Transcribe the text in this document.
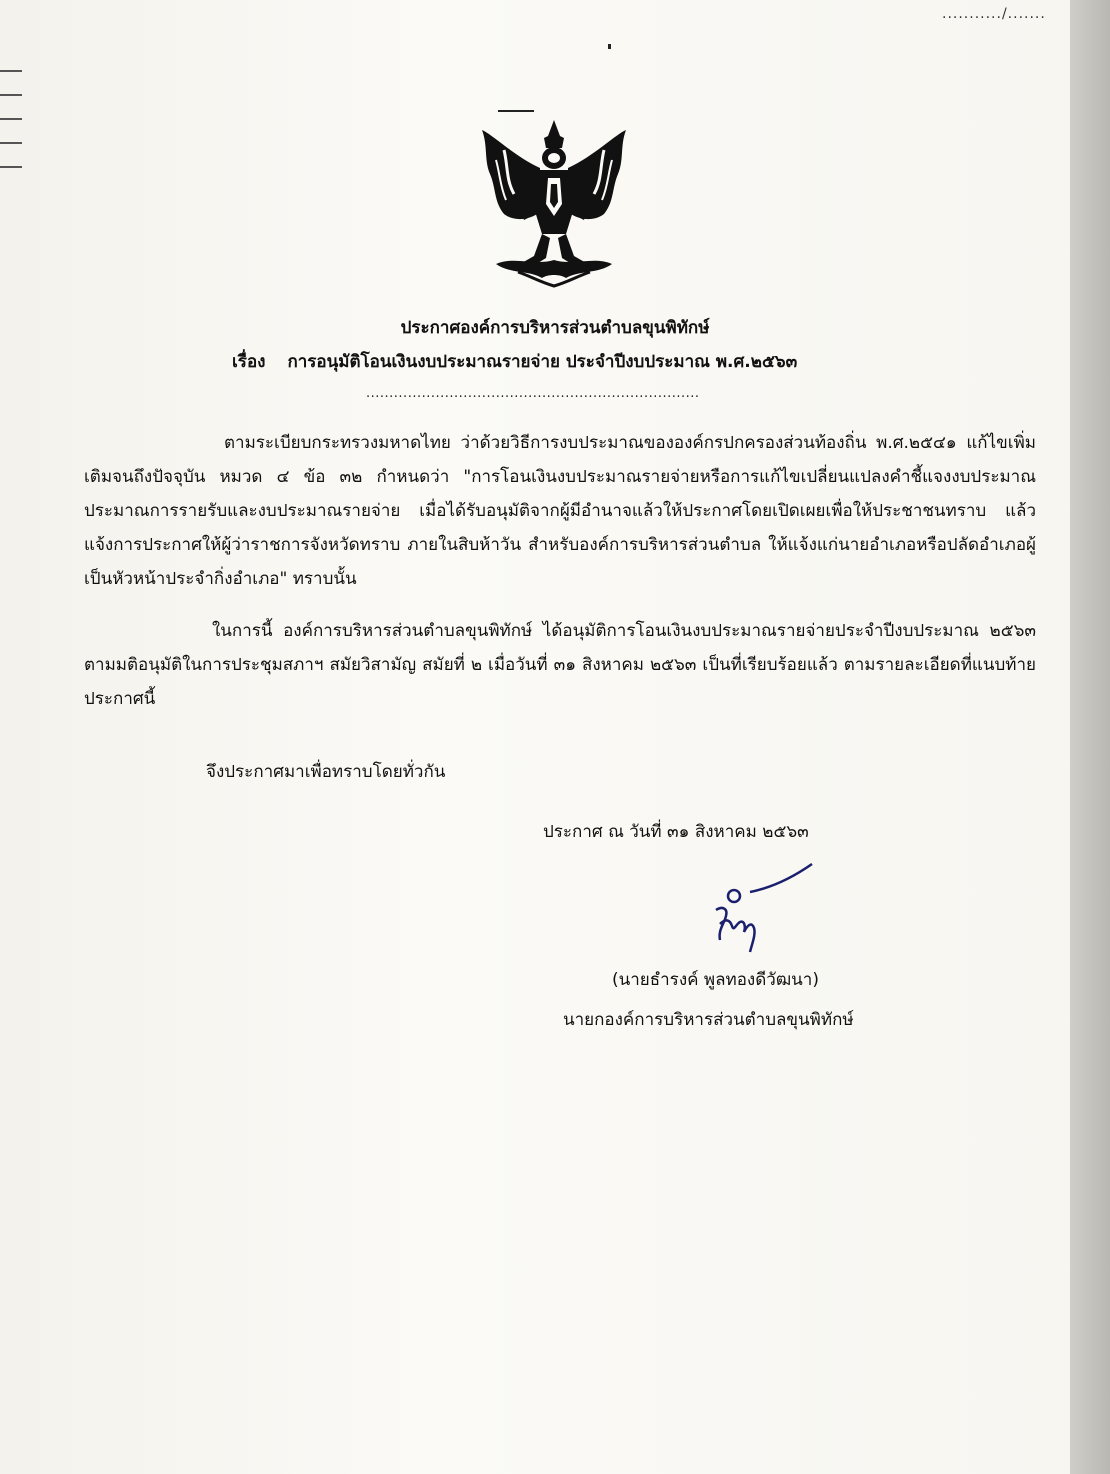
.........../.......
ประกาศองค์การบริหารส่วนตำบลขุนพิทักษ์
เรื่อง การอนุมัติโอนเงินงบประมาณรายจ่าย ประจำปีงบประมาณ พ.ศ.๒๕๖๓
........................................................................
ตามระเบียบกระทรวงมหาดไทย ว่าด้วยวิธีการงบประมาณขององค์กรปกครองส่วนท้องถิ่น พ.ศ.๒๕๔๑ แก้ไขเพิ่มเติมจนถึงปัจจุบัน หมวด ๔ ข้อ ๓๒ กำหนดว่า "การโอนเงินงบประมาณรายจ่ายหรือการแก้ไขเปลี่ยนแปลงคำชี้แจงงบประมาณประมาณการรายรับและงบประมาณรายจ่าย เมื่อได้รับอนุมัติจากผู้มีอำนาจแล้วให้ประกาศโดยเปิดเผยเพื่อให้ประชาชนทราบ แล้วแจ้งการประกาศให้ผู้ว่าราชการจังหวัดทราบ ภายในสิบห้าวัน สำหรับองค์การบริหารส่วนตำบล ให้แจ้งแก่นายอำเภอหรือปลัดอำเภอผู้เป็นหัวหน้าประจำกิ่งอำเภอ" ทราบนั้น
ในการนี้ องค์การบริหารส่วนตำบลขุนพิทักษ์ ได้อนุมัติการโอนเงินงบประมาณรายจ่ายประจำปีงบประมาณ ๒๕๖๓ ตามมติอนุมัติในการประชุมสภาฯ สมัยวิสามัญ สมัยที่ ๒ เมื่อวันที่ ๓๑ สิงหาคม ๒๕๖๓ เป็นที่เรียบร้อยแล้ว ตามรายละเอียดที่แนบท้ายประกาศนี้
จึงประกาศมาเพื่อทราบโดยทั่วกัน
ประกาศ ณ วันที่ ๓๑ สิงหาคม ๒๕๖๓
(นายธำรงค์ พูลทองดีวัฒนา)
นายกองค์การบริหารส่วนตำบลขุนพิทักษ์
